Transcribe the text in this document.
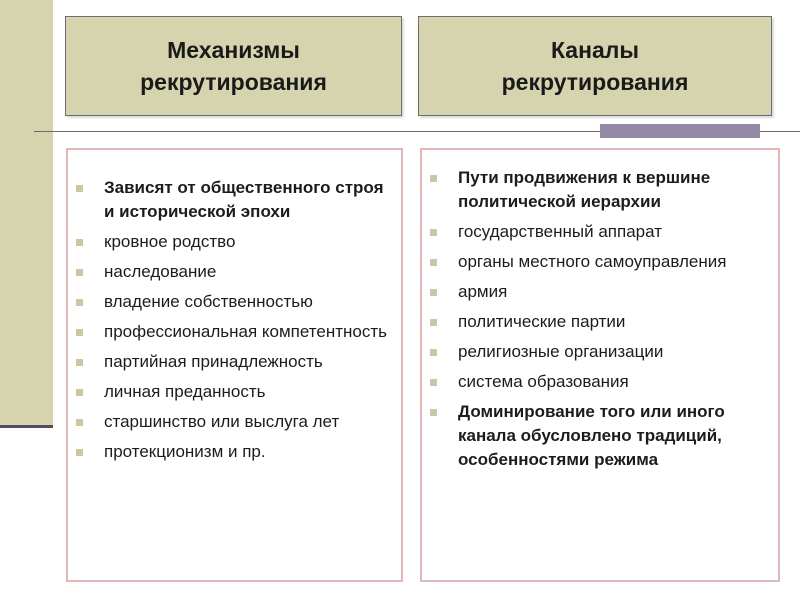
Механизмы
рекрутирования
Каналы
рекрутирования
Зависят от общественного строя и исторической эпохи
кровное родство
наследование
владение собственностью
профессиональная компетентность
партийная принадлежность
личная преданность
старшинство или выслуга лет
протекционизм и пр.
Пути продвижения к вершине политической иерархии
государственный аппарат
органы местного самоуправления
армия
политические партии
религиозные организации
система образования
Доминирование того или иного канала обусловлено традиций, особенностями режима
